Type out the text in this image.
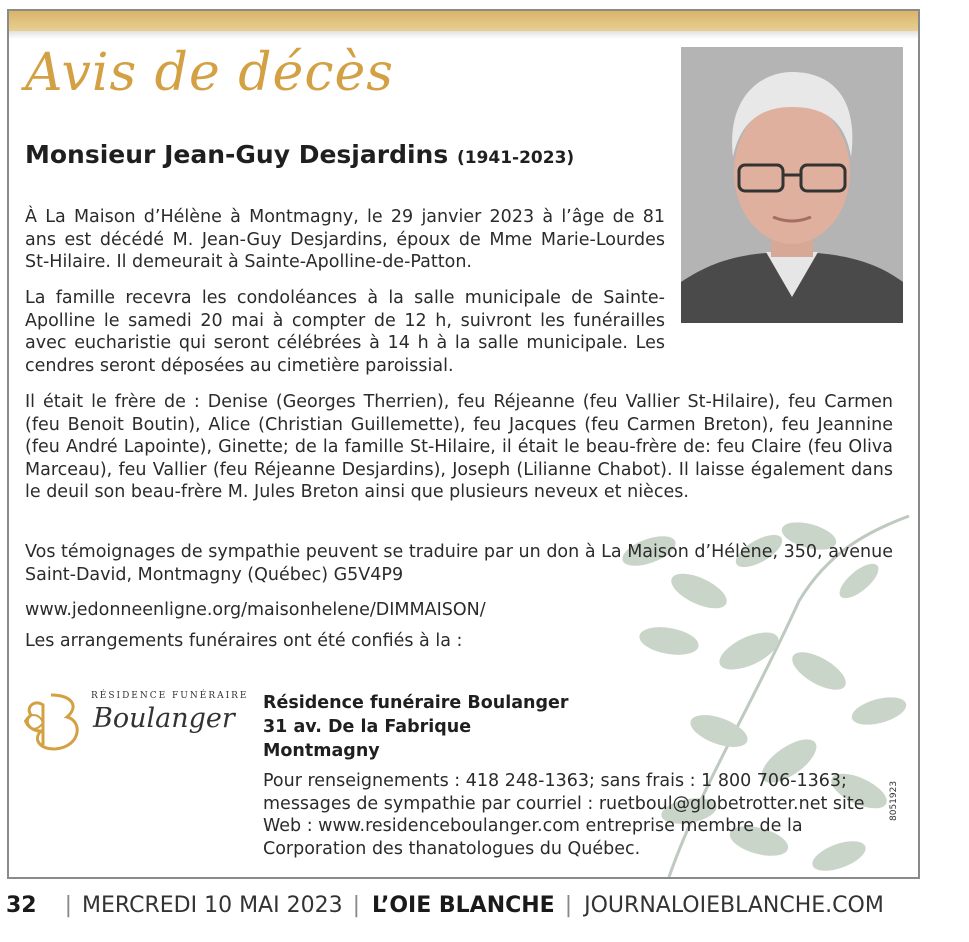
Avis de décès
Monsieur Jean-Guy Desjardins (1941-2023)

À La Maison d’Hélène à Montmagny, le 29 janvier 2023 à l’âge de 81 ans est décédé M. Jean-Guy Desjardins, époux de Mme Marie-Lourdes St-Hilaire. Il demeurait à Sainte-Apolline-de-Patton.

La famille recevra les condoléances à la salle municipale de Sainte-Apolline le samedi 20 mai à compter de 12 h, suivront les funérailles avec eucharistie qui seront célébrées à 14 h à la salle municipale. Les cendres seront déposées au cimetière paroissial.

Il était le frère de : Denise (Georges Therrien), feu Réjeanne (feu Vallier St-Hilaire), feu Carmen (feu Benoit Boutin), Alice (Christian Guillemette), feu Jacques (feu Carmen Breton), feu Jeannine (feu André Lapointe), Ginette; de la famille St-Hilaire, il était le beau-frère de: feu Claire (feu Oliva Marceau), feu Vallier (feu Réjeanne Desjardins), Joseph (Lilianne Chabot). Il laisse également dans le deuil son beau-frère M. Jules Breton ainsi que plusieurs neveux et nièces.

Vos témoignages de sympathie peuvent se traduire par un don à La Maison d’Hélène, 350, avenue Saint-David, Montmagny (Québec) G5V4P9

www.jedonneenligne.org/maisonhelene/DIMMAISON/

Les arrangements funéraires ont été confiés à la :

RÉSIDENCE FUNÉRAIRE
Boulanger Résidence funéraire Boulanger
31 av. De la Fabrique
Montmagny

Pour renseignements : 418 248-1363; sans frais : 1 800 706-1363; messages de sympathie par courriel : ruetboul@globetrotter.net site Web : www.residenceboulanger.com entreprise membre de la Corporation des thanatologues du Québec.

8051923
32 | MERCREDI 10 MAI 2023 | L’OIE BLANCHE | JOURNALOIEBLANCHE.COM
